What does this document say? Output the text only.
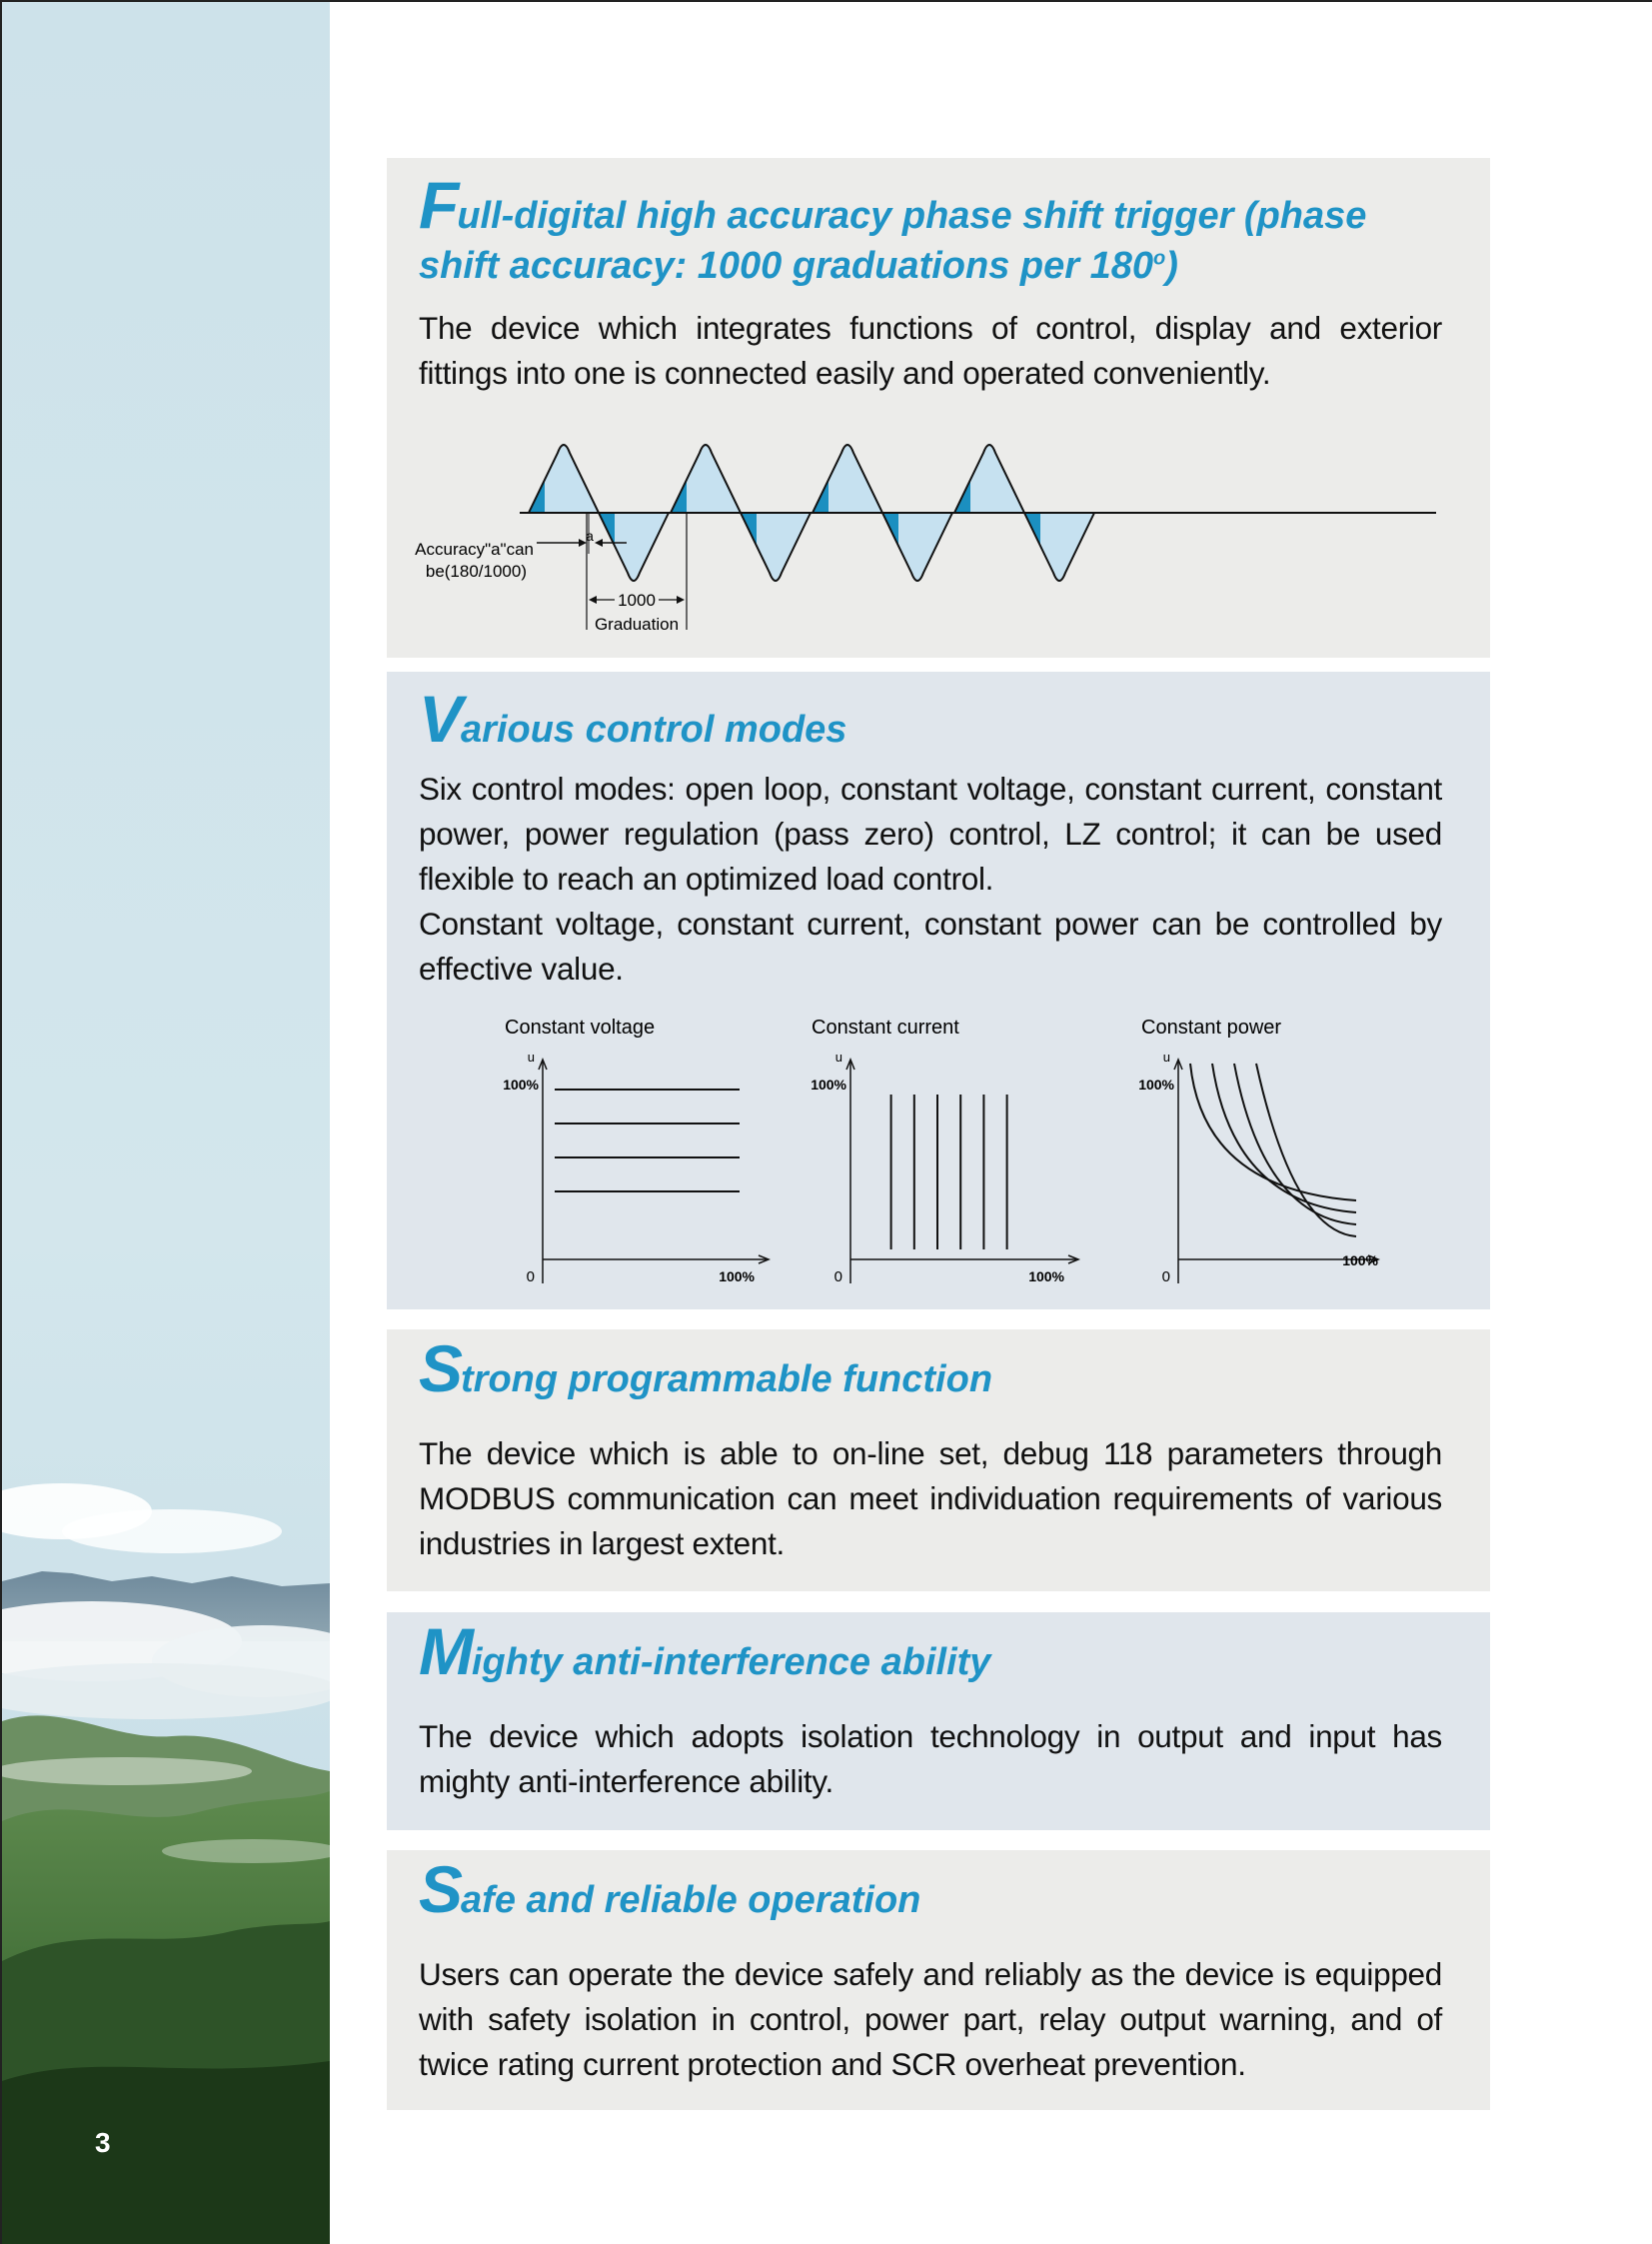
3
Full-digital high accuracy phase shift trigger (phase
shift accuracy: 1000 graduations per 180$^o$)

The device which integrates functions of control, display and exterior fittings into one is connected easily and operated conveniently.

Accuracy"a"can
be(180/1000)
a
1000
Graduation
Various control modes

Six control modes: open loop, constant voltage, constant current, constant power, power regulation (pass zero) control, LZ control; it can be used flexible to reach an optimized load control.

Constant voltage, constant current, constant power can be controlled by effective value.

Constant voltage
u
100%
0	100%
Constant current
u
100%
0	100%
Constant power
u
100%
0
100%
Strong programmable function

The device which is able to on-line set, debug 118 parameters through MODBUS communication can meet individuation requirements of various industries in largest extent.

Mighty anti-interference ability

The device which adopts isolation technology in output and input has mighty anti-interference ability.

Safe and reliable operation

Users can operate the device safely and reliably as the device is equipped with safety isolation in control, power part, relay output warning, and of twice rating current protection and SCR overheat prevention.
